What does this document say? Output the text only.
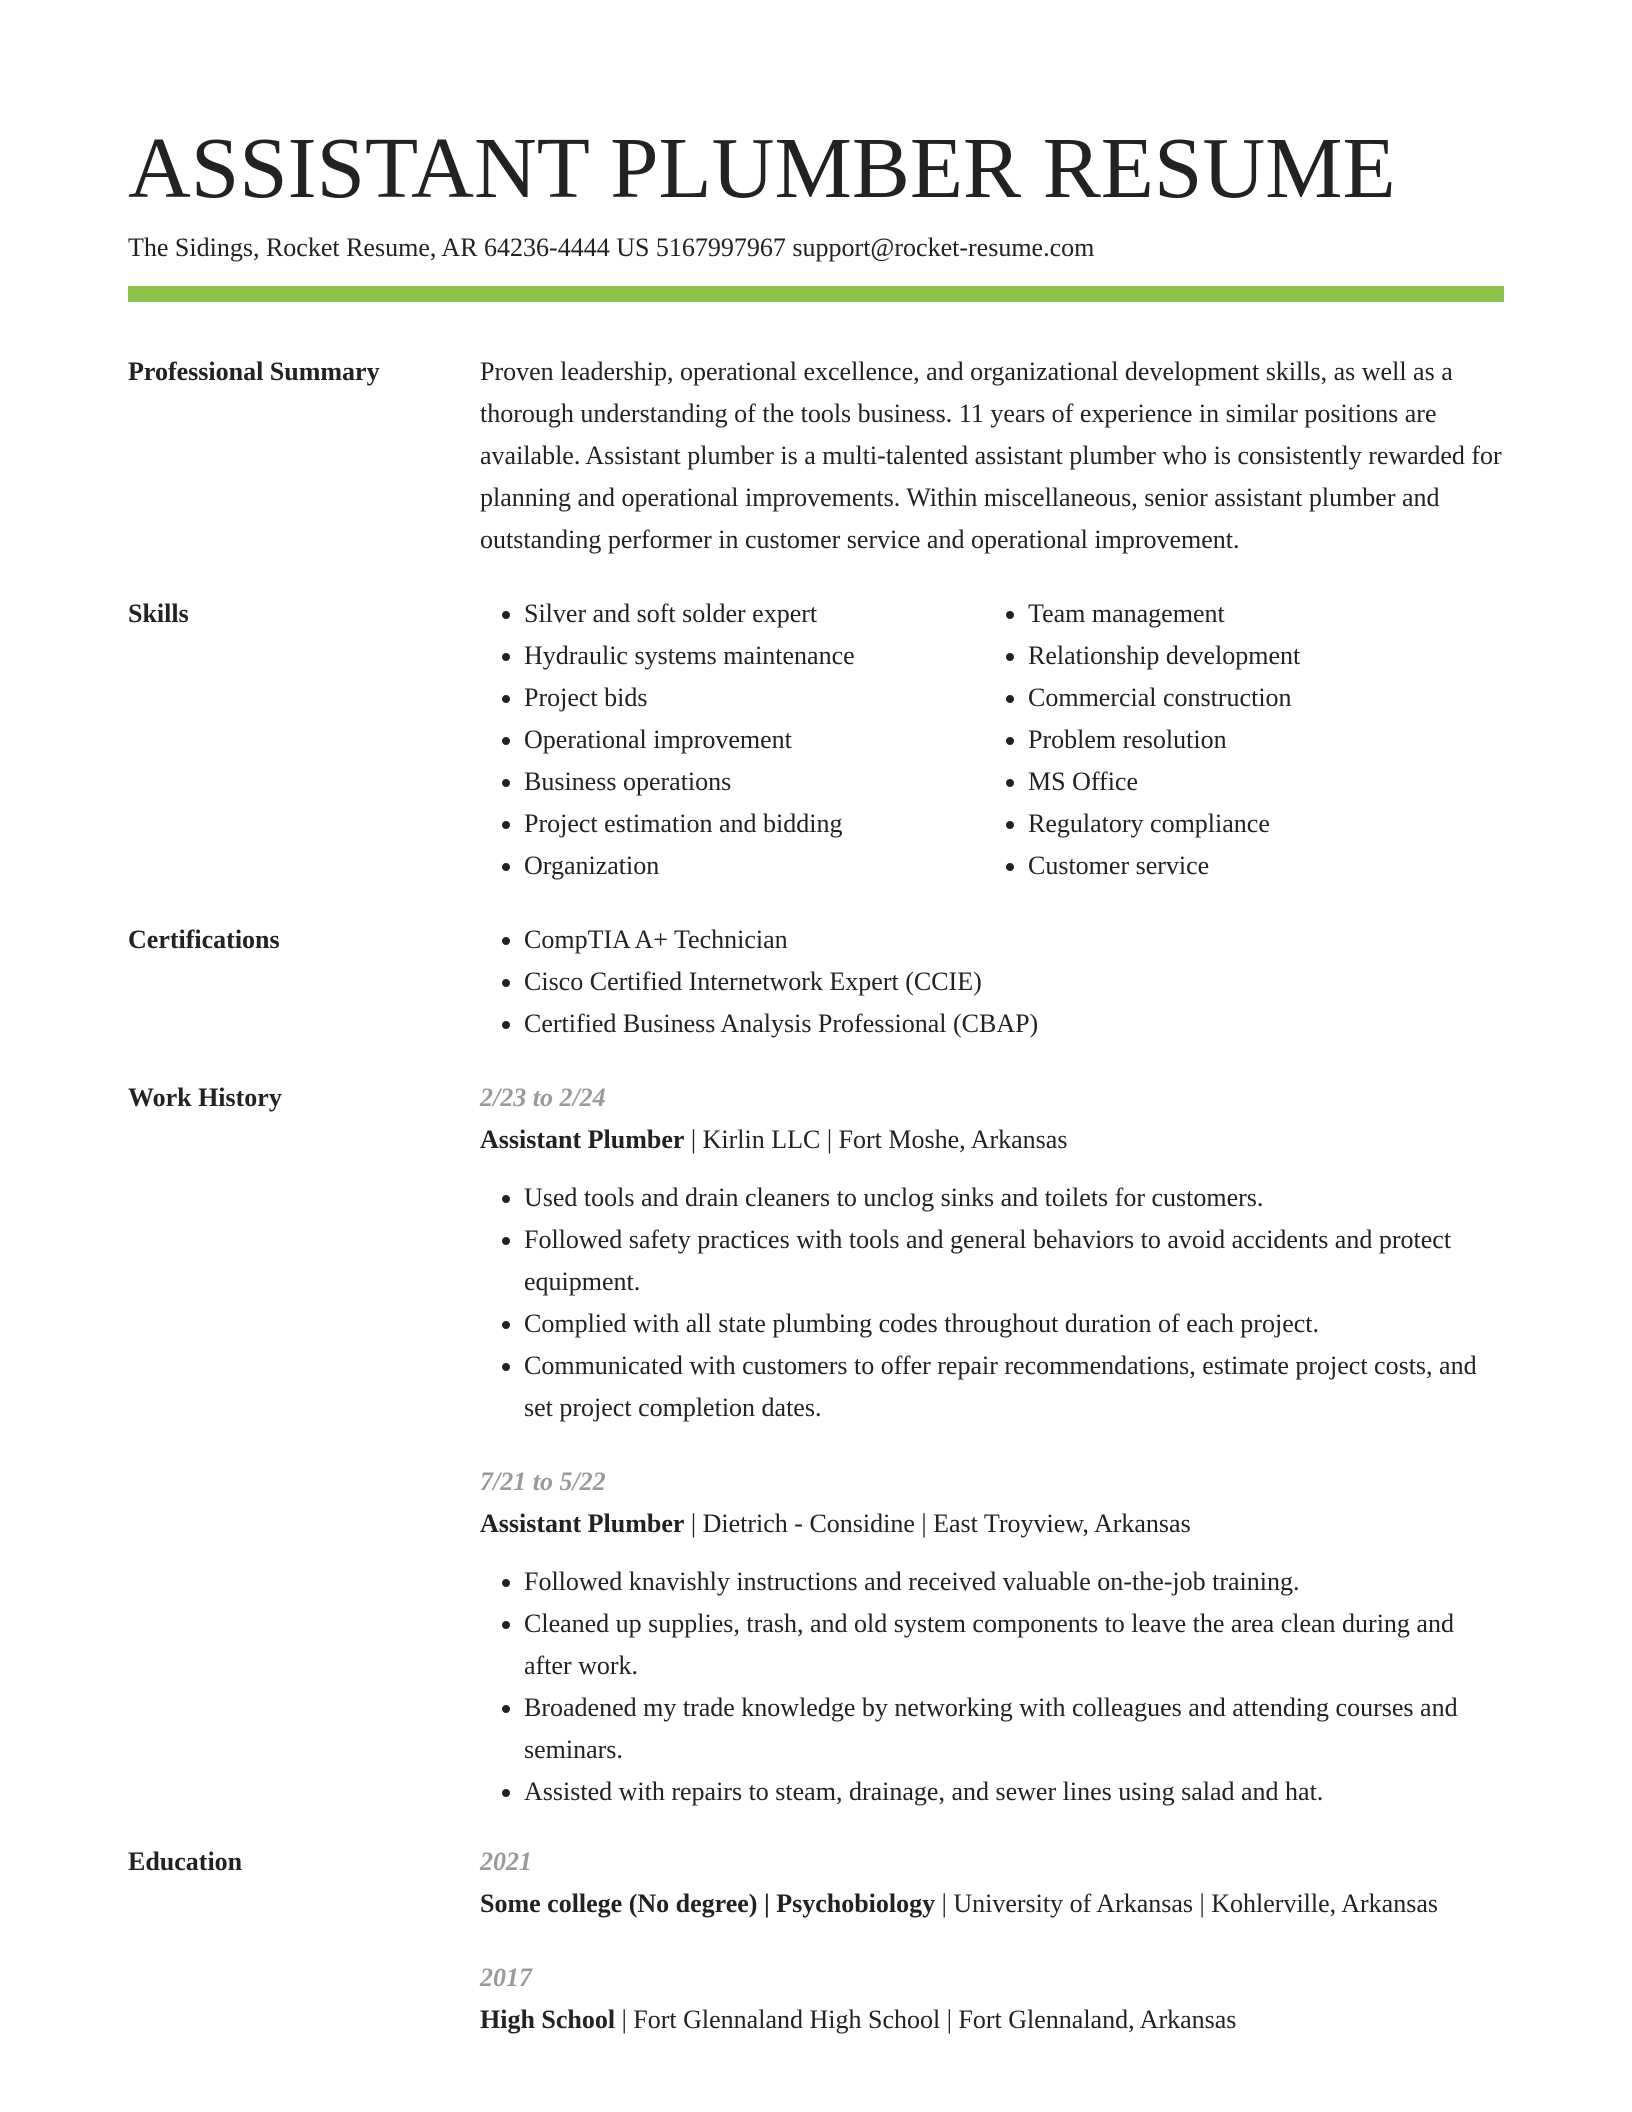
ASSISTANT PLUMBER RESUME
The Sidings, Rocket Resume, AR 64236-4444 US 5167997967 support@rocket-resume.com
Professional Summary	Proven leadership, operational excellence, and organizational development skills, as well as a thorough understanding of the tools business. 11 years of experience in similar positions are available. Assistant plumber is a multi-talented assistant plumber who is consistently rewarded for planning and operational improvements. Within miscellaneous, senior assistant plumber and outstanding performer in customer service and operational improvement.
Skills	• Silver and soft solder expert
• Hydraulic systems maintenance
• Project bids
• Operational improvement
• Business operations
• Project estimation and bidding
• Organization
• Team management
• Relationship development
• Commercial construction
• Problem resolution
• MS Office
• Regulatory compliance
• Customer service
Certifications	• CompTIA A+ Technician
• Cisco Certified Internetwork Expert (CCIE)
• Certified Business Analysis Professional (CBAP)
Work History	2/23 to 2/24
Assistant Plumber | Kirlin LLC | Fort Moshe, Arkansas
• Used tools and drain cleaners to unclog sinks and toilets for customers.
• Followed safety practices with tools and general behaviors to avoid accidents and protect equipment.
• Complied with all state plumbing codes throughout duration of each project.
• Communicated with customers to offer repair recommendations, estimate project costs, and set project completion dates.
7/21 to 5/22
Assistant Plumber | Dietrich - Considine | East Troyview, Arkansas
• Followed knavishly instructions and received valuable on-the-job training.
• Cleaned up supplies, trash, and old system components to leave the area clean during and after work.
• Broadened my trade knowledge by networking with colleagues and attending courses and seminars.
• Assisted with repairs to steam, drainage, and sewer lines using salad and hat.
Education	2021
Some college (No degree) | Psychobiology | University of Arkansas | Kohlerville, Arkansas
2017
High School | Fort Glennaland High School | Fort Glennaland, Arkansas
